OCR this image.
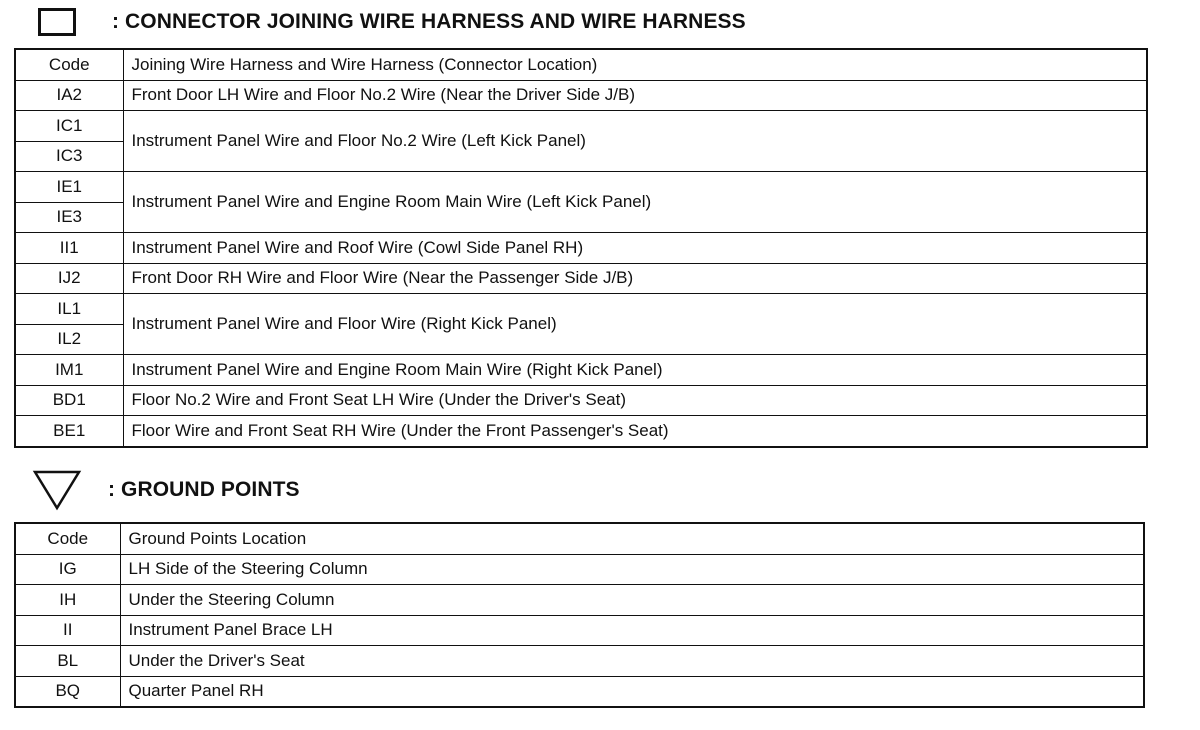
: CONNECTOR JOINING WIRE HARNESS AND WIRE HARNESS
Code	Joining Wire Harness and Wire Harness (Connector Location)
IA2	Front Door LH Wire and Floor No.2 Wire (Near the Driver Side J/B)
IC1	Instrument Panel Wire and Floor No.2 Wire (Left Kick Panel)
IC3	
IE1	Instrument Panel Wire and Engine Room Main Wire (Left Kick Panel)
IE3	
II1	Instrument Panel Wire and Roof Wire (Cowl Side Panel RH)
IJ2	Front Door RH Wire and Floor Wire (Near the Passenger Side J/B)
IL1	Instrument Panel Wire and Floor Wire (Right Kick Panel)
IL2	
IM1	Instrument Panel Wire and Engine Room Main Wire (Right Kick Panel)
BD1	Floor No.2 Wire and Front Seat LH Wire (Under the Driver's Seat)
BE1	Floor Wire and Front Seat RH Wire (Under the Front Passenger's Seat)
: GROUND POINTS
Code	Ground Points Location
IG	LH Side of the Steering Column
IH	Under the Steering Column
II	Instrument Panel Brace LH
BL	Under the Driver's Seat
BQ	Quarter Panel RH
